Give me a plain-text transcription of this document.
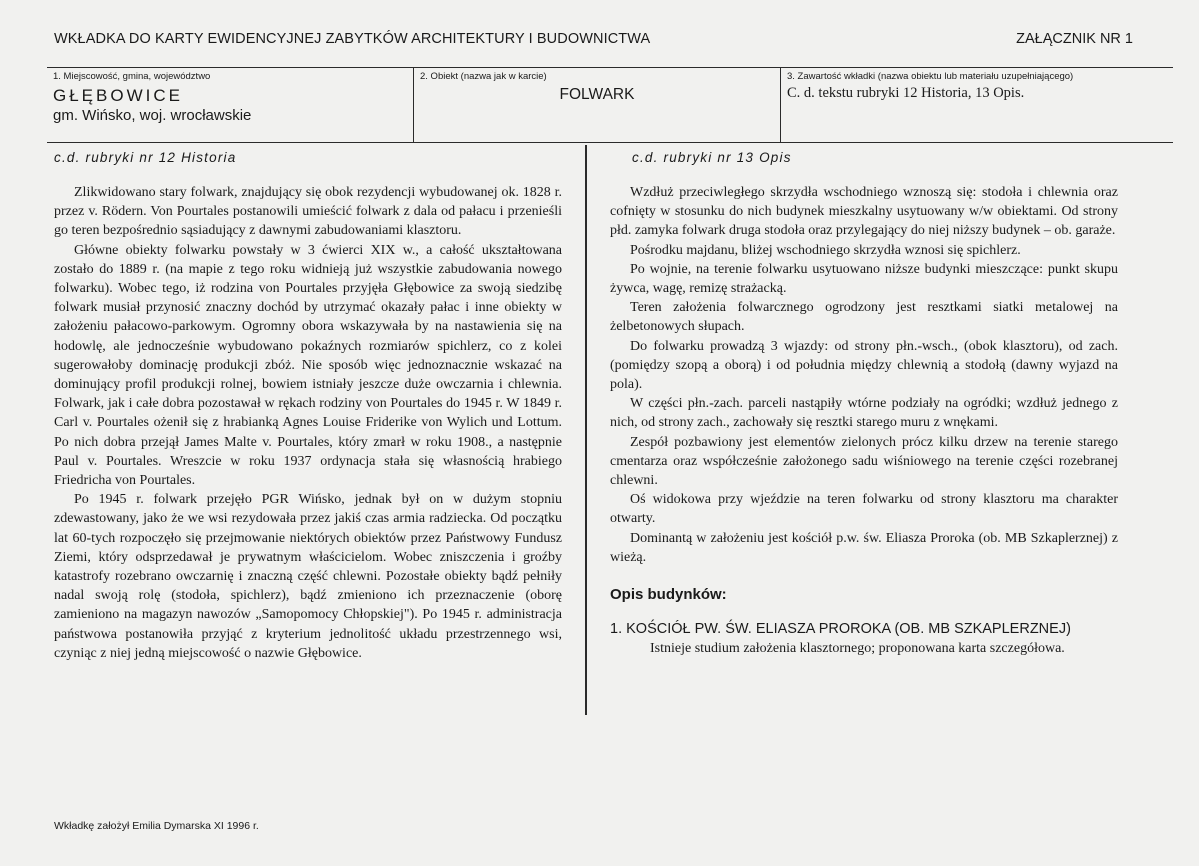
WKŁADKA DO KARTY EWIDENCYJNEJ ZABYTKÓW ARCHITEKTURY I BUDOWNICTWA	ZAŁĄCZNIK NR 1
1. Miejscowość, gmina, województwo
GŁĘBOWICE
gm. Wińsko, woj. wrocławskie
2. Obiekt (nazwa jak w karcie)
FOLWARK
3. Zawartość wkładki (nazwa obiektu lub materiału uzupełniającego)
C. d. tekstu rubryki 12 Historia, 13 Opis.
c.d. rubryki nr 12 Historia	c.d. rubryki nr 13 Opis

Zlikwidowano stary folwark, znajdujący się obok rezydencji wybudowanej ok. 1828 r. przez v. Rödern. Von Pourtales postanowili umieścić folwark z dala od pałacu i przenieśli go teren bezpośrednio sąsiadujący z dawnymi zabudowaniami klasztoru.

Główne obiekty folwarku powstały w 3 ćwierci XIX w., a całość ukształtowana zostało do 1889 r. (na mapie z tego roku widnieją już wszystkie zabudowania nowego folwarku). Wobec tego, iż rodzina von Pourtales przyjęła Głębowice za swoją siedzibę folwark musiał przynosić znaczny dochód by utrzymać okazały pałac i inne obiekty w założeniu pałacowo-parkowym. Ogromny obora wskazywała by na nastawienia się na hodowlę, ale jednocześnie wybudowano pokaźnych rozmiarów spichlerz, co z kolei sugerowałoby dominację produkcji zbóż. Nie sposób więc jednoznacznie wskazać na dominujący profil produkcji rolnej, bowiem istniały jeszcze duże owczarnia i chlewnia. Folwark, jak i całe dobra pozostawał w rękach rodziny von Pourtales do 1945 r. W 1849 r. Carl v. Pourtales ożenił się z hrabianką Agnes Louise Friderike von Wylich und Lottum. Po nich dobra przejął James Malte v. Pourtales, który zmarł w roku 1908., a następnie Paul v. Pourtales. Wreszcie w roku 1937 ordynacja stała się własnością hrabiego Friedricha von Pourtales.

Po 1945 r. folwark przejęło PGR Wińsko, jednak był on w dużym stopniu zdewastowany, jako że we wsi rezydowała przez jakiś czas armia radziecka. Od początku lat 60-tych rozpoczęło się przejmowanie niektórych obiektów przez Państwowy Fundusz Ziemi, który odsprzedawał je prywatnym właścicielom. Wobec zniszczenia i groźby katastrofy rozebrano owczarnię i znaczną część chlewni. Pozostałe obiekty bądź pełniły nadal swoją rolę (stodoła, spichlerz), bądź zmieniono ich przeznaczenie (oborę zamieniono na magazyn nawozów „Samopomocy Chłopskiej"). Po 1945 r. administracja państwowa postanowiła przyjąć z kryterium jednolitość układu przestrzennego wsi, czyniąc z niej jedną miejscowość o nazwie Głębowice.

Wzdłuż przeciwległego skrzydła wschodniego wznoszą się: stodoła i chlewnia oraz cofnięty w stosunku do nich budynek mieszkalny usytuowany w/w obiektami. Od strony płd. zamyka folwark druga stodoła oraz przylegający do niej niższy budynek – ob. garaże.

Pośrodku majdanu, bliżej wschodniego skrzydła wznosi się spichlerz.

Po wojnie, na terenie folwarku usytuowano niższe budynki mieszczące: punkt skupu żywca, wagę, remizę strażacką.

Teren założenia folwarcznego ogrodzony jest resztkami siatki metalowej na żelbetonowych słupach.

Do folwarku prowadzą 3 wjazdy: od strony płn.-wsch., (obok klasztoru), od zach. (pomiędzy szopą a oborą) i od południa między chlewnią a stodołą (dawny wyjazd na pola).

W części płn.-zach. parceli nastąpiły wtórne podziały na ogródki; wzdłuż jednego z nich, od strony zach., zachowały się resztki starego muru z wnękami.

Zespół pozbawiony jest elementów zielonych prócz kilku drzew na terenie starego cmentarza oraz współcześnie założonego sadu wiśniowego na terenie części rozebranej chlewni.

Oś widokowa przy wjeździe na teren folwarku od strony klasztoru ma charakter otwarty.

Dominantą w założeniu jest kościół p.w. św. Eliasza Proroka (ob. MB Szkaplerznej) z wieżą.

Opis budynków:
1. KOŚCIÓŁ PW. ŚW. ELIASZA PROROKA (OB. MB SZKAPLERZNEJ)

Istnieje studium założenia klasztornego; proponowana karta szczegółowa.

Wkładkę założył Emilia Dymarska XI 1996 r.
